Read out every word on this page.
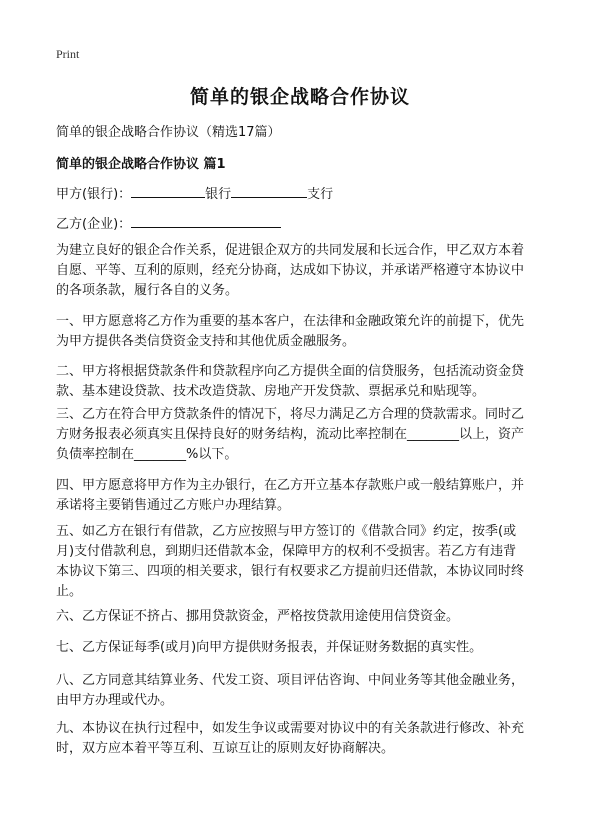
Print
简单的银企战略合作协议
简单的银企战略合作协议（精选17篇）
简单的银企战略合作协议 篇1
甲方(银行)：	银行	支行
乙方(企业)：

为建立良好的银企合作关系，促进银企双方的共同发展和长远合作，甲乙双方本着
自愿、平等、互利的原则，经充分协商，达成如下协议，并承诺严格遵守本协议中
的各项条款，履行各自的义务。

一、甲方愿意将乙方作为重要的基本客户，在法律和金融政策允许的前提下，优先
为甲方提供各类信贷资金支持和其他优质金融服务。

二、甲方将根据贷款条件和贷款程序向乙方提供全面的信贷服务，包括流动资金贷
款、基本建设贷款、技术改造贷款、房地产开发贷款、票据承兑和贴现等。

三、乙方在符合甲方贷款条件的情况下，将尽力满足乙方合理的贷款需求。同时乙
方财务报表必须真实且保持良好的财务结构，流动比率控制在________以上，资产
负债率控制在________%以下。

四、甲方愿意将甲方作为主办银行，在乙方开立基本存款账户或一般结算账户，并
承诺将主要销售通过乙方账户办理结算。

五、如乙方在银行有借款，乙方应按照与甲方签订的《借款合同》约定，按季(或
月)支付借款利息，到期归还借款本金，保障甲方的权利不受损害。若乙方有违背
本协议下第三、四项的相关要求，银行有权要求乙方提前归还借款，本协议同时终
止。

六、乙方保证不挤占、挪用贷款资金，严格按贷款用途使用信贷资金。

七、乙方保证每季(或月)向甲方提供财务报表，并保证财务数据的真实性。

八、乙方同意其结算业务、代发工资、项目评估咨询、中间业务等其他金融业务，
由甲方办理或代办。

九、本协议在执行过程中，如发生争议或需要对协议中的有关条款进行修改、补充
时，双方应本着平等互利、互谅互让的原则友好协商解决。
